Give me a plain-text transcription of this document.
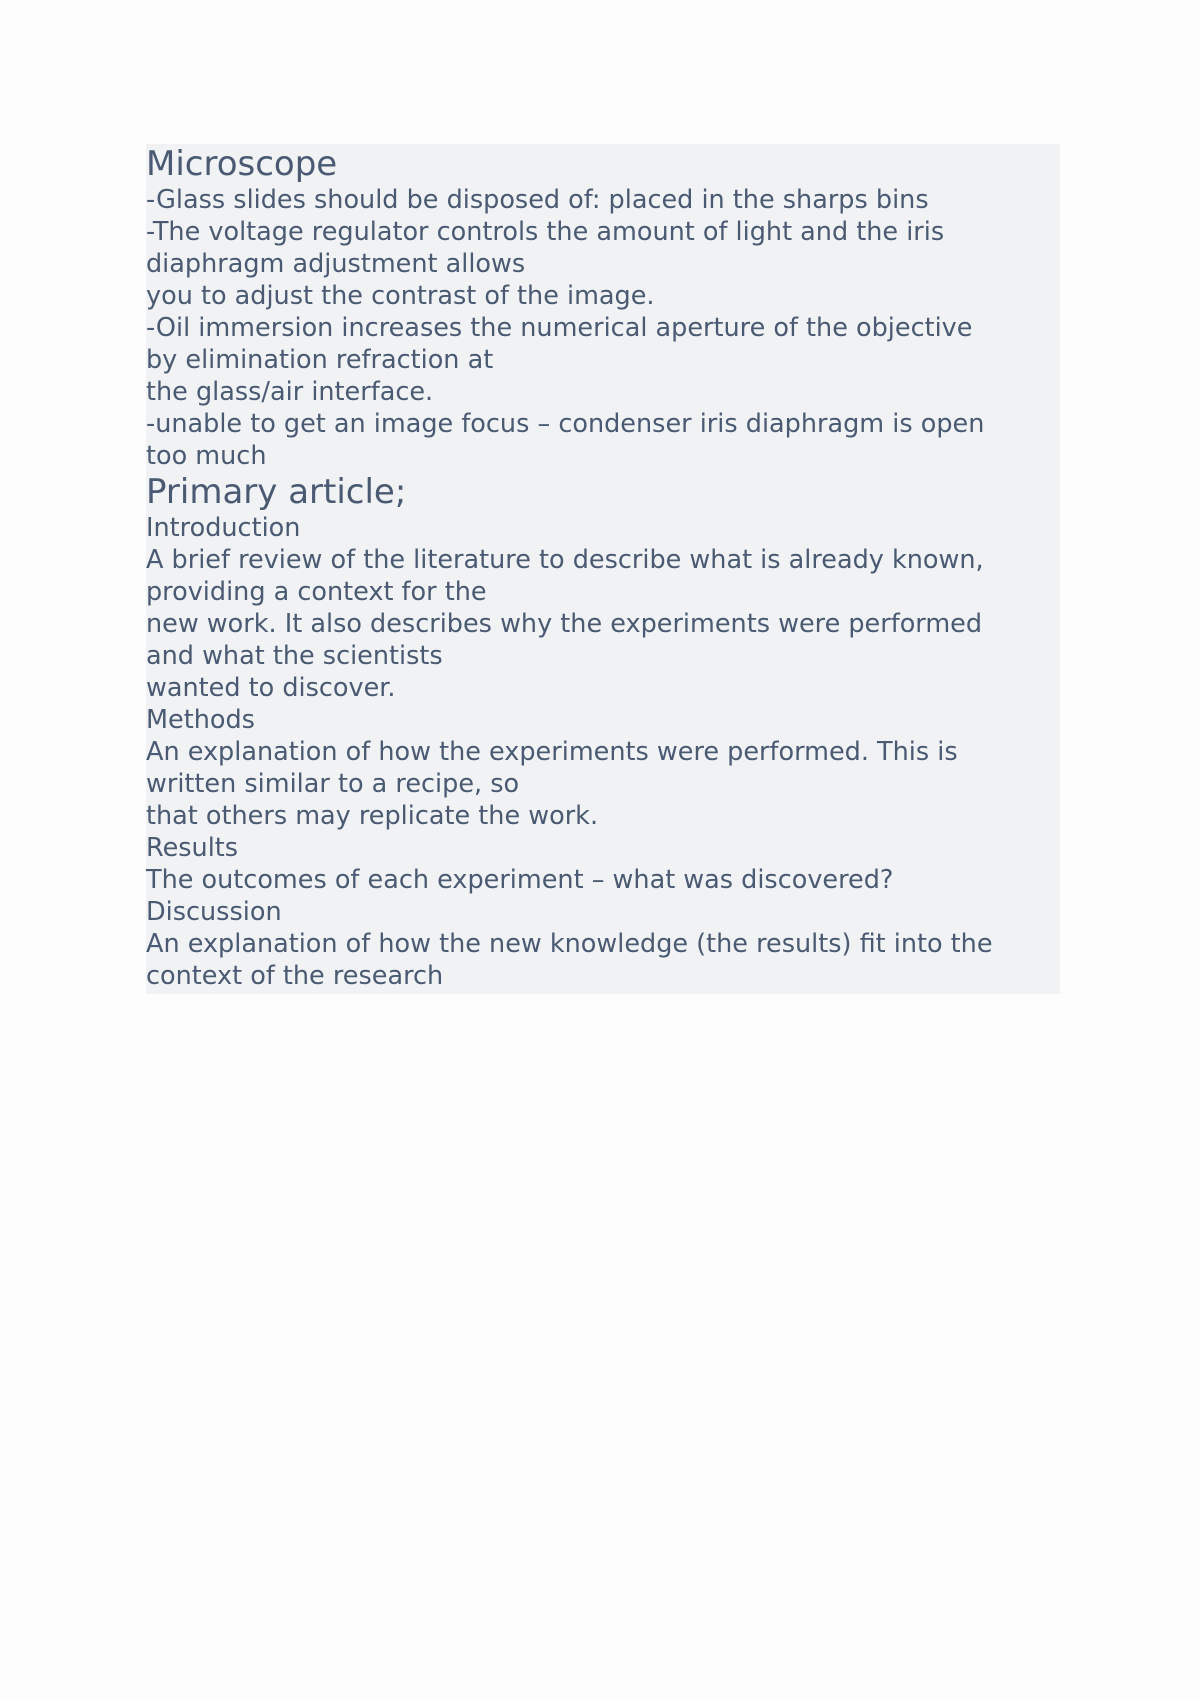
Microscope

-Glass slides should be disposed of: placed in the sharps bins

-The voltage regulator controls the amount of light and the iris

diaphragm adjustment allows

you to adjust the contrast of the image.

-Oil immersion increases the numerical aperture of the objective

by elimination refraction at

the glass/air interface.

-unable to get an image focus – condenser iris diaphragm is open

too much

Primary article;

Introduction

A brief review of the literature to describe what is already known,

providing a context for the

new work. It also describes why the experiments were performed

and what the scientists

wanted to discover.

Methods

An explanation of how the experiments were performed. This is

written similar to a recipe, so

that others may replicate the work.

Results

The outcomes of each experiment – what was discovered?

Discussion

An explanation of how the new knowledge (the results) fit into the

context of the research
